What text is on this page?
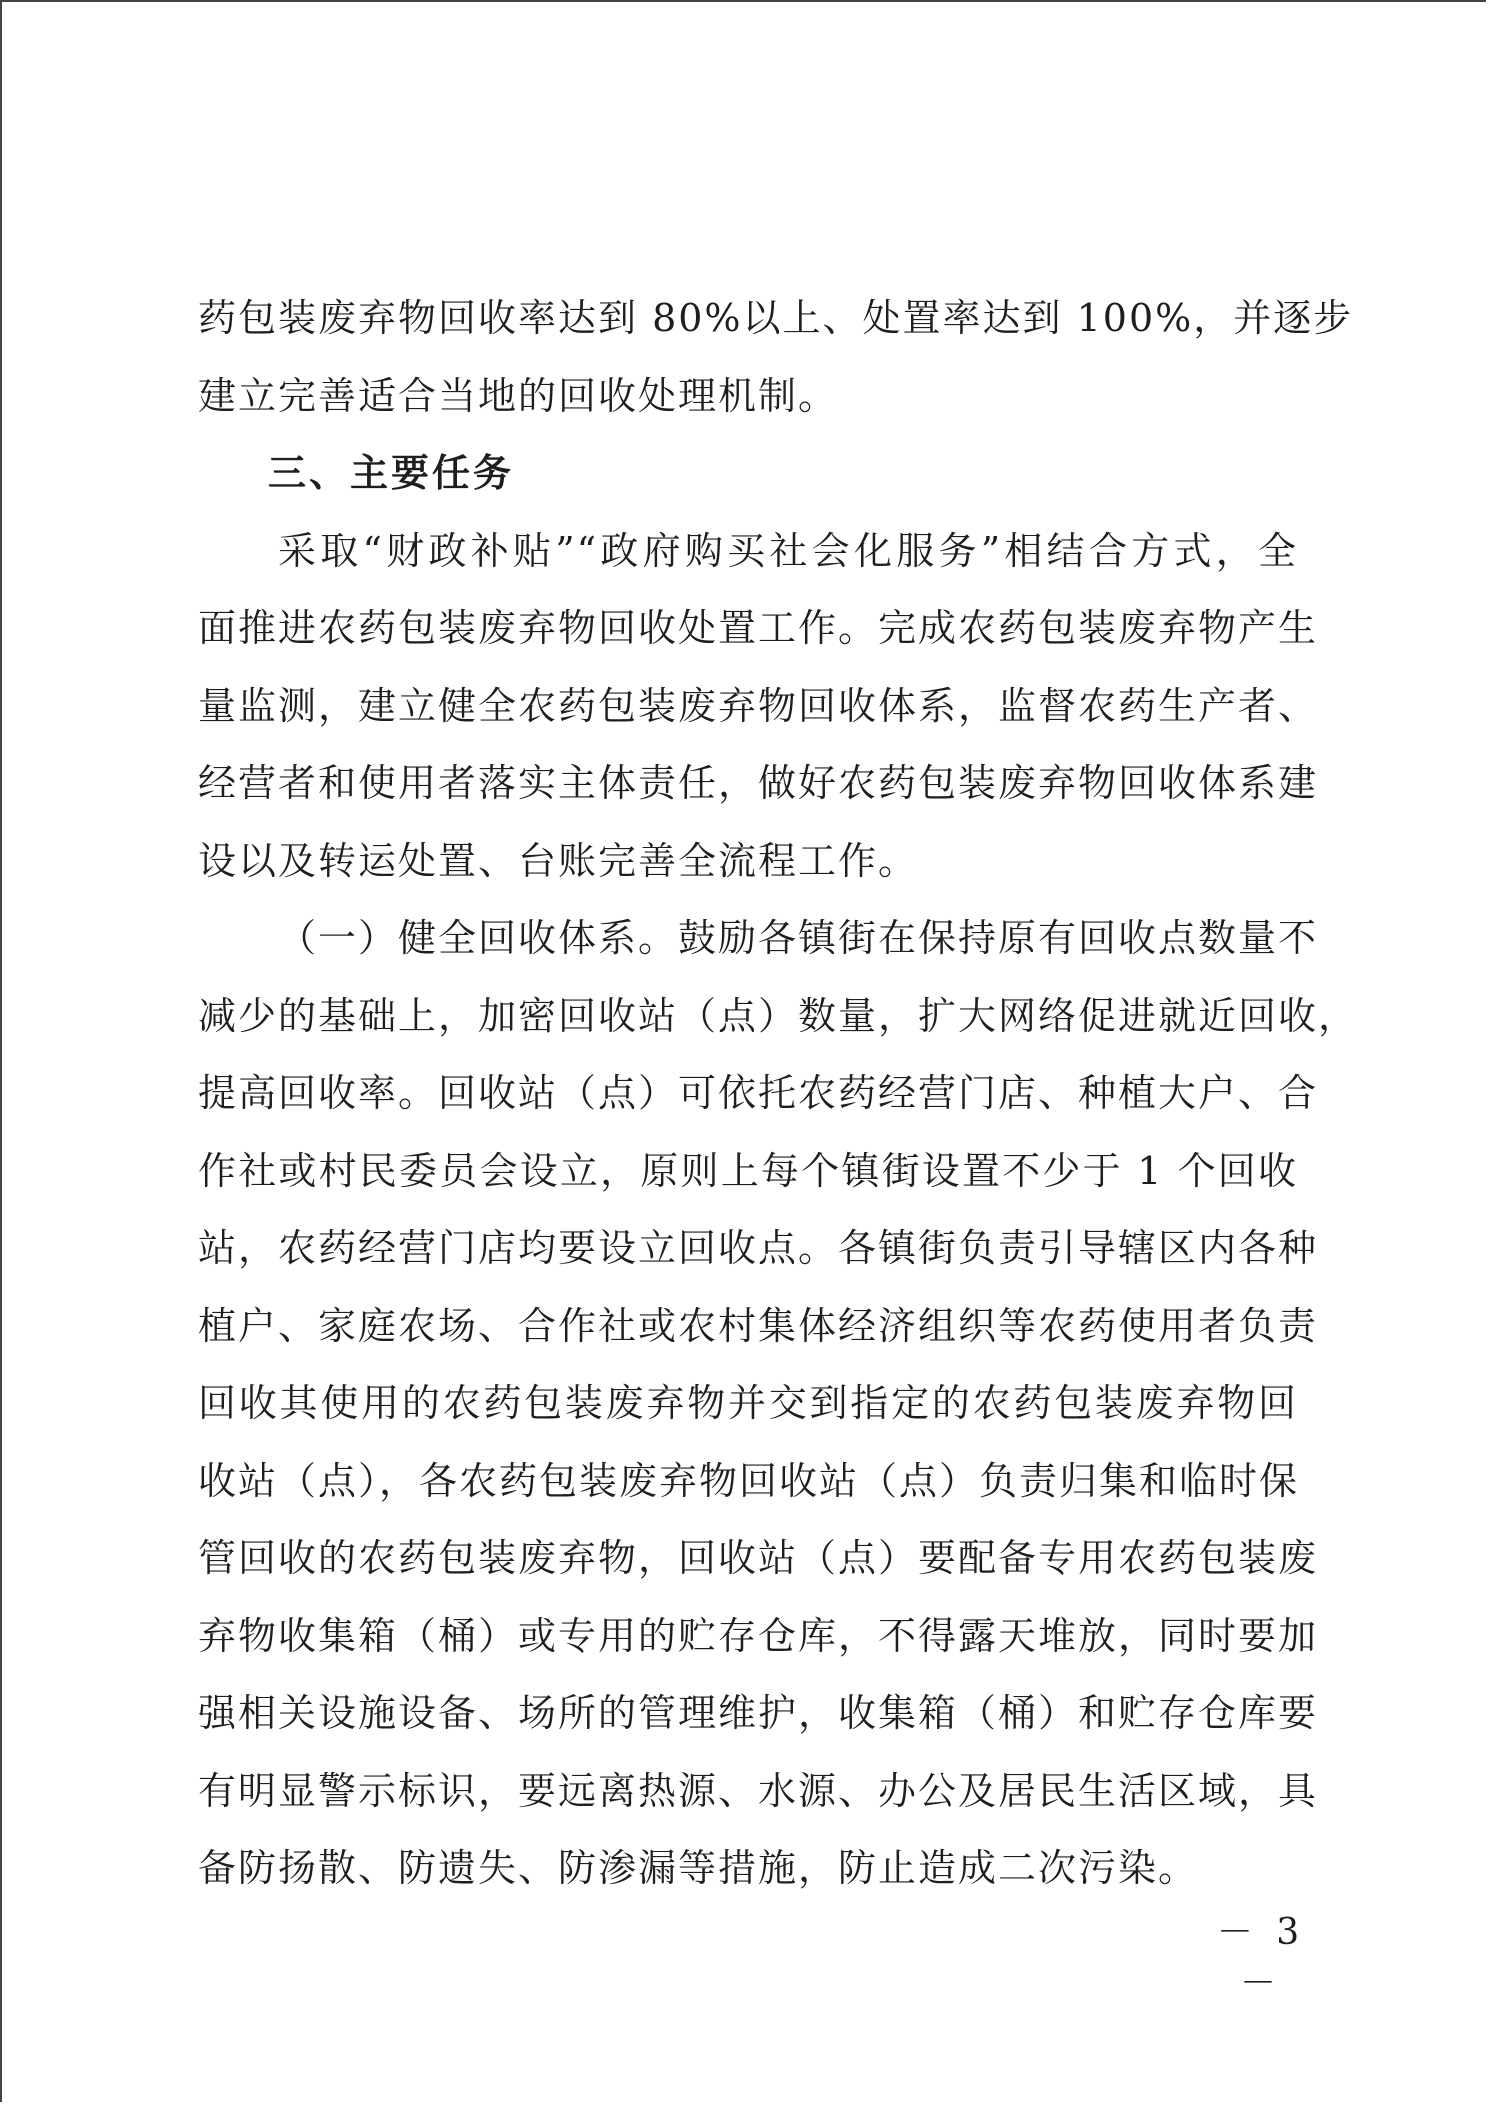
药包装废弃物回收率达到 80%以上、处置率达到 100%，并逐步
建立完善适合当地的回收处理机制。
三、主要任务
采取“财政补贴”“政府购买社会化服务”相结合方式，全
面推进农药包装废弃物回收处置工作。完成农药包装废弃物产生
量监测，建立健全农药包装废弃物回收体系，监督农药生产者、
经营者和使用者落实主体责任，做好农药包装废弃物回收体系建
设以及转运处置、台账完善全流程工作。
（一）健全回收体系。鼓励各镇街在保持原有回收点数量不
减少的基础上，加密回收站（点）数量，扩大网络促进就近回收，
提高回收率。回收站（点）可依托农药经营门店、种植大户、合
作社或村民委员会设立，原则上每个镇街设置不少于 1 个回收
站，农药经营门店均要设立回收点。各镇街负责引导辖区内各种
植户、家庭农场、合作社或农村集体经济组织等农药使用者负责
回收其使用的农药包装废弃物并交到指定的农药包装废弃物回
收站（点），各农药包装废弃物回收站（点）负责归集和临时保
管回收的农药包装废弃物，回收站（点）要配备专用农药包装废
弃物收集箱（桶）或专用的贮存仓库，不得露天堆放，同时要加
强相关设施设备、场所的管理维护，收集箱（桶）和贮存仓库要
有明显警示标识，要远离热源、水源、办公及居民生活区域，具
备防扬散、防遗失、防渗漏等措施，防止造成二次污染。
－ 3 －
